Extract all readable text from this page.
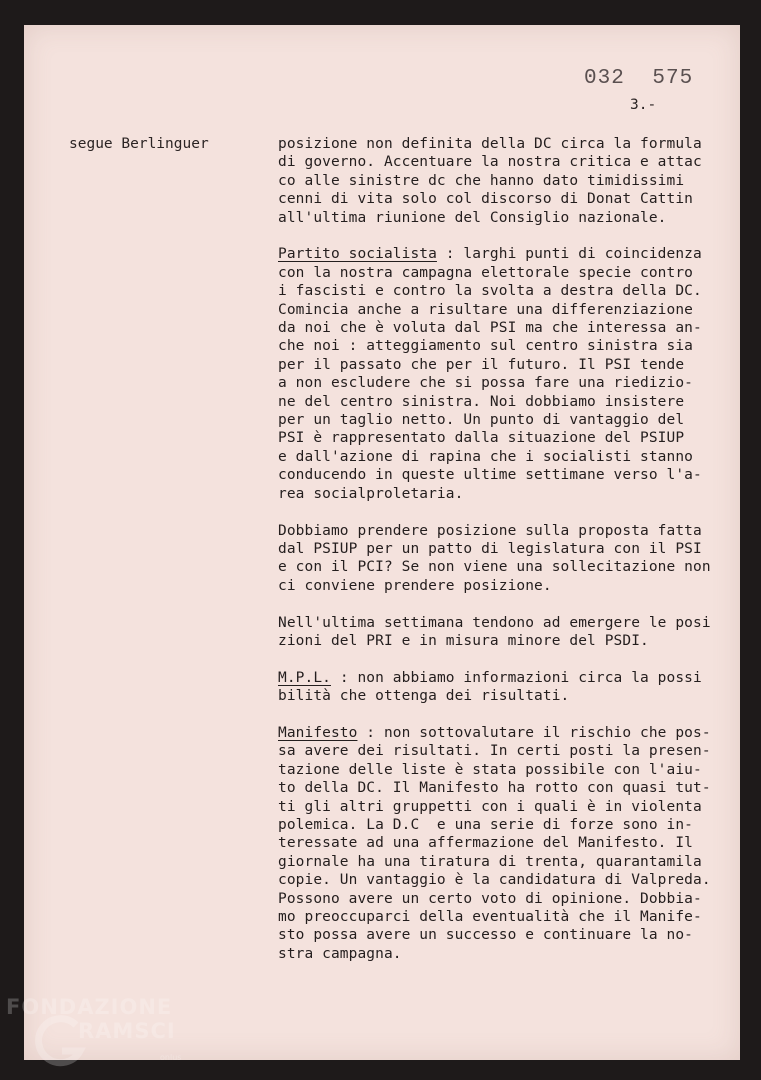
032 575
3.-
segue Berlinguer	posizione non definita della DC circa la formula
di governo. Accentuare la nostra critica e attac
co alle sinistre dc che hanno dato timidissimi
cenni di vita solo col discorso di Donat Cattin
all'ultima riunione del Consiglio nazionale.
Partito socialista : larghi punti di coincidenza
con la nostra campagna elettorale specie contro
i fascisti e contro la svolta a destra della DC.
Comincia anche a risultare una differenziazione
da noi che è voluta dal PSI ma che interessa an-
che noi : atteggiamento sul centro sinistra sia
per il passato che per il futuro. Il PSI tende
a non escludere che si possa fare una riedizio-
ne del centro sinistra. Noi dobbiamo insistere
per un taglio netto. Un punto di vantaggio del
PSI è rappresentato dalla situazione del PSIUP
e dall'azione di rapina che i socialisti stanno
conducendo in queste ultime settimane verso l'a-
rea socialproletaria.
Dobbiamo prendere posizione sulla proposta fatta
dal PSIUP per un patto di legislatura con il PSI
e con il PCI? Se non viene una sollecitazione non
ci conviene prendere posizione.
Nell'ultima settimana tendono ad emergere le posi
zioni del PRI e in misura minore del PSDI.
M.P.L. : non abbiamo informazioni circa la possi
bilità che ottenga dei risultati.
Manifesto : non sottovalutare il rischio che pos-
sa avere dei risultati. In certi posti la presen-
tazione delle liste è stata possibile con l'aiu-
to della DC. Il Manifesto ha rotto con quasi tut-
ti gli altri gruppetti con i quali è in violenta
polemica. La D.C  e una serie di forze sono in-
teressate ad una affermazione del Manifesto. Il
giornale ha una tiratura di trenta, quarantamila
copie. Un vantaggio è la candidatura di Valpreda.
Possono avere un certo voto di opinione. Dobbia-
mo preoccuparci della eventualità che il Manife-
sto possa avere un successo e continuare la no-
stra campagna.
FONDAZIONE
RAMSCI
onlus
